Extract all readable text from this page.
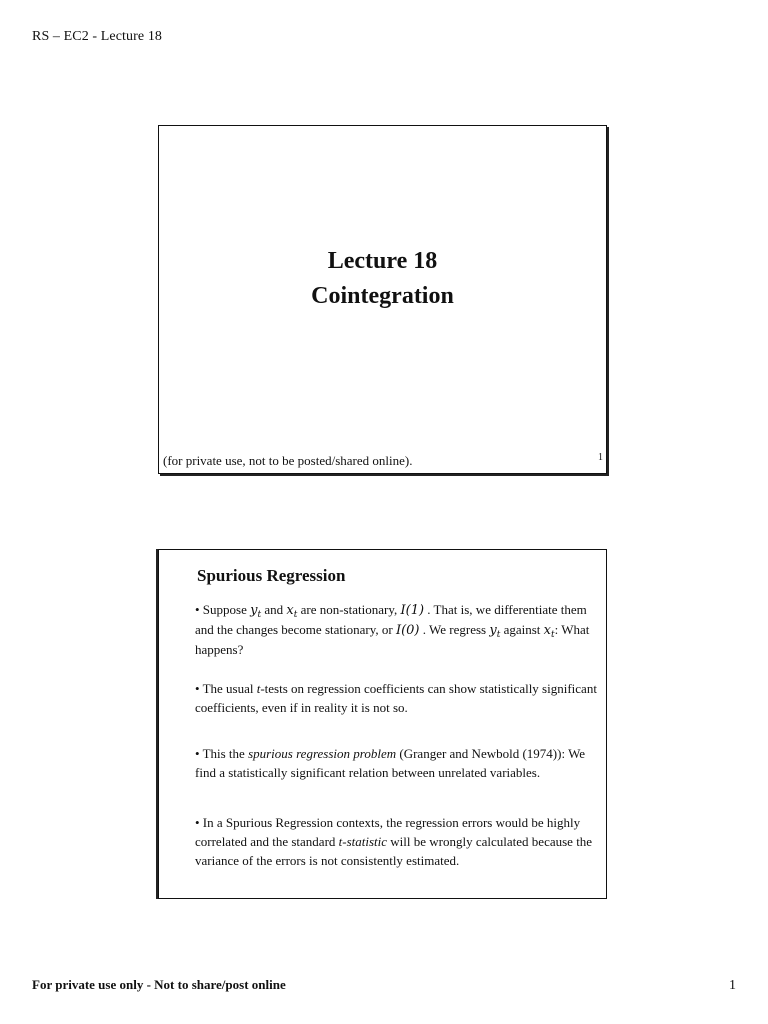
RS – EC2 - Lecture 18
Lecture 18
Cointegration
(for private use, not to be posted/shared online).	1
Spurious Regression
• Suppose $y_t$ and $x_t$ are non-stationary, I(1) . That is, we differentiate them and the changes become stationary, or I(0) . We regress $y_t$ against $x_t$: What happens?
• The usual t-tests on regression coefficients can show statistically significant coefficients, even if in reality it is not so.
• This the spurious regression problem (Granger and Newbold (1974)): We find a statistically significant relation between unrelated variables.
• In a Spurious Regression contexts, the regression errors would be highly correlated and the standard t-statistic will be wrongly calculated because the variance of the errors is not consistently estimated.
For private use only - Not to share/post online	1
